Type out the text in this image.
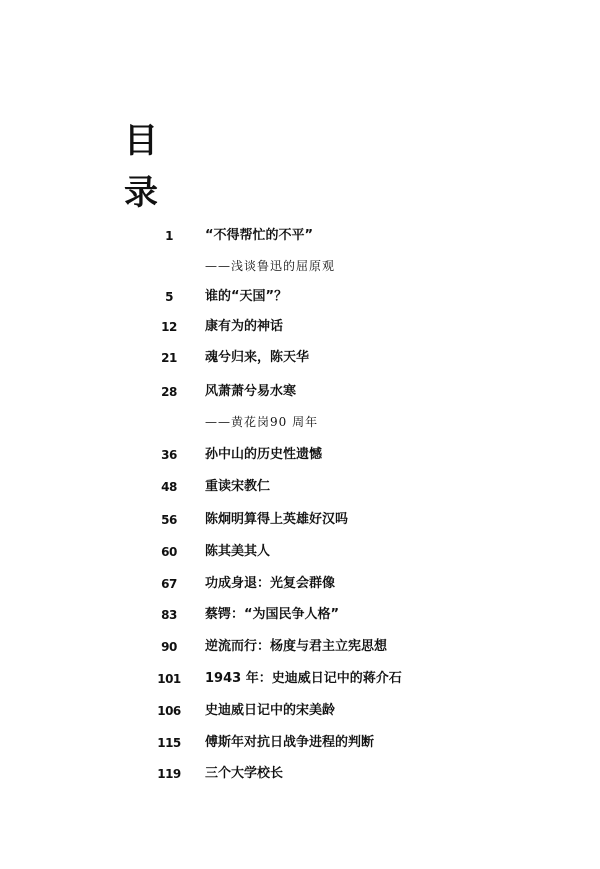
目
录
1	“不得帮忙的不平”
——浅谈鲁迅的屈原观
5	谁的“天国”？
12	康有为的神话
21	魂兮归来，陈天华
28	风萧萧兮易水寒
——黄花岗90 周年
36	孙中山的历史性遗憾
48	重读宋教仁
56	陈炯明算得上英雄好汉吗
60	陈其美其人
67	功成身退：光复会群像
83	蔡锷：“为国民争人格”
90	逆流而行：杨度与君主立宪思想
101	1943 年：史迪威日记中的蒋介石
106	史迪威日记中的宋美龄
115	傅斯年对抗日战争进程的判断
119	三个大学校长
